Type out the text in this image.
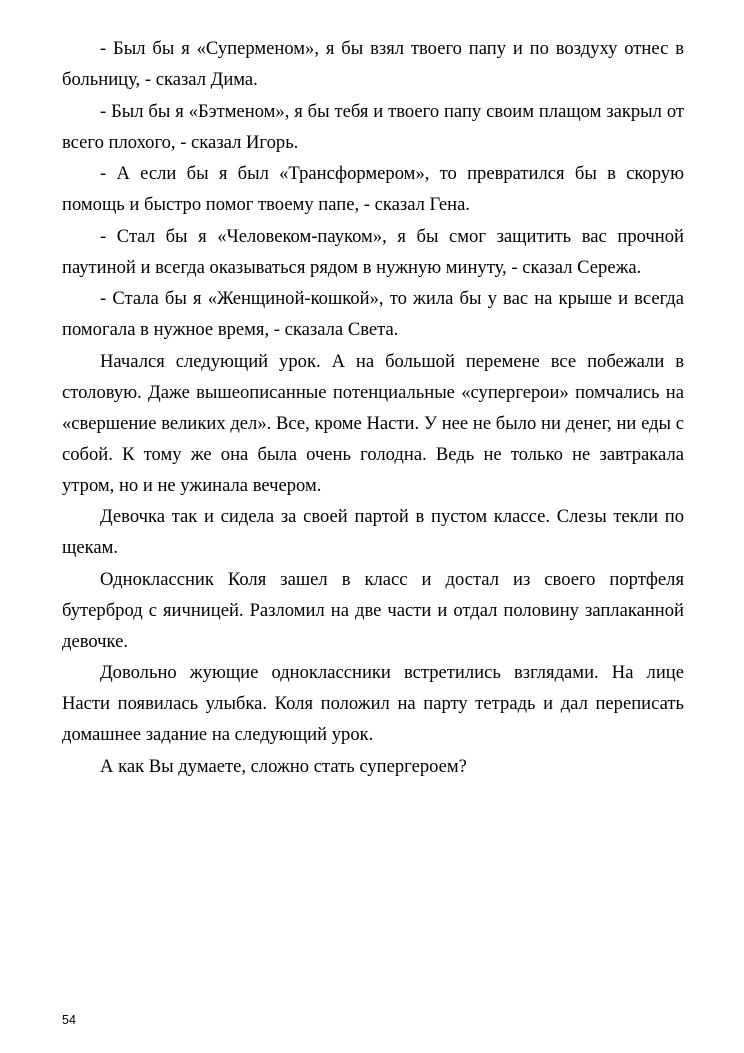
- Был бы я «Суперменом», я бы взял твоего папу и по воздуху отнес в больницу, - сказал Дима.

- Был бы я «Бэтменом», я бы тебя и твоего папу своим плащом закрыл от всего плохого, - сказал Игорь.

- А если бы я был «Трансформером», то превратился бы в скорую помощь и быстро помог твоему папе, - сказал Гена.

- Стал бы я «Человеком-пауком», я бы смог защитить вас прочной паутиной и всегда оказываться рядом в нужную минуту, - сказал Сережа.

- Стала бы я «Женщиной-кошкой», то жила бы у вас на крыше и всегда помогала в нужное время, - сказала Света.

Начался следующий урок. А на большой перемене все побежали в столовую. Даже вышеописанные потенциальные «супергерои» помчались на «свершение великих дел». Все, кроме Насти. У нее не было ни денег, ни еды с собой. К тому же она была очень голодна. Ведь не только не завтракала утром, но и не ужинала вечером.

Девочка так и сидела за своей партой в пустом классе. Слезы текли по щекам.

Одноклассник Коля зашел в класс и достал из своего портфеля бутерброд с яичницей. Разломил на две части и отдал половину заплаканной девочке.

Довольно жующие одноклассники встретились взглядами. На лице Насти появилась улыбка. Коля положил на парту тетрадь и дал переписать домашнее задание на следующий урок.

А как Вы думаете, сложно стать супергероем?

54
